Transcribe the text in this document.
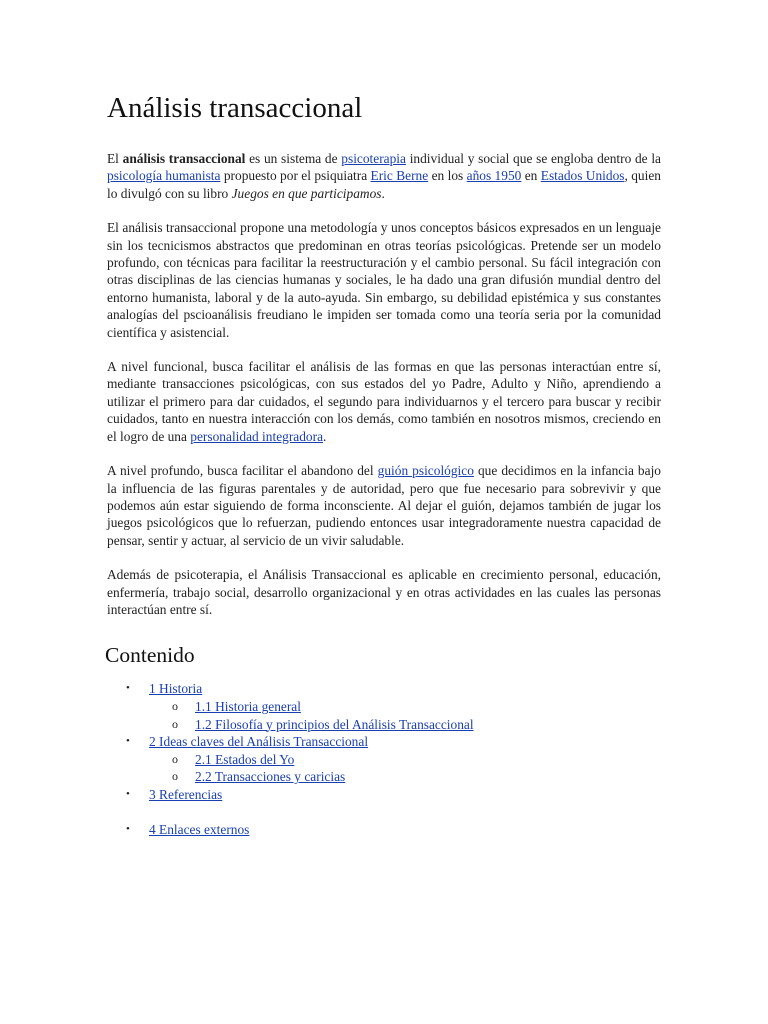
Análisis transaccional

El análisis transaccional es un sistema de psicoterapia individual y social que se engloba dentro de la psicología humanista propuesto por el psiquiatra Eric Berne en los años 1950 en Estados Unidos, quien lo divulgó con su libro Juegos en que participamos.

El análisis transaccional propone una metodología y unos conceptos básicos expresados en un lenguaje sin los tecnicismos abstractos que predominan en otras teorías psicológicas. Pretende ser un modelo profundo, con técnicas para facilitar la reestructuración y el cambio personal. Su fácil integración con otras disciplinas de las ciencias humanas y sociales, le ha dado una gran difusión mundial dentro del entorno humanista, laboral y de la auto-ayuda. Sin embargo, su debilidad epistémica y sus constantes analogías del pscioanálisis freudiano le impiden ser tomada como una teoría seria por la comunidad científica y asistencial.

A nivel funcional, busca facilitar el análisis de las formas en que las personas interactúan entre sí, mediante transacciones psicológicas, con sus estados del yo Padre, Adulto y Niño, aprendiendo a utilizar el primero para dar cuidados, el segundo para individuarnos y el tercero para buscar y recibir cuidados, tanto en nuestra interacción con los demás, como también en nosotros mismos, creciendo en el logro de una personalidad integradora.

A nivel profundo, busca facilitar el abandono del guión psicológico que decidimos en la infancia bajo la influencia de las figuras parentales y de autoridad, pero que fue necesario para sobrevivir y que podemos aún estar siguiendo de forma inconsciente. Al dejar el guión, dejamos también de jugar los juegos psicológicos que lo refuerzan, pudiendo entonces usar integradoramente nuestra capacidad de pensar, sentir y actuar, al servicio de un vivir saludable.

Además de psicoterapia, el Análisis Transaccional es aplicable en crecimiento personal, educación, enfermería, trabajo social, desarrollo organizacional y en otras actividades en las cuales las personas interactúan entre sí.

Contenido
• 1 Historia
o 1.1 Historia general
o 1.2 Filosofía y principios del Análisis Transaccional
• 2 Ideas claves del Análisis Transaccional
o 2.1 Estados del Yo
o 2.2 Transacciones y caricias
• 3 Referencias
• 4 Enlaces externos
